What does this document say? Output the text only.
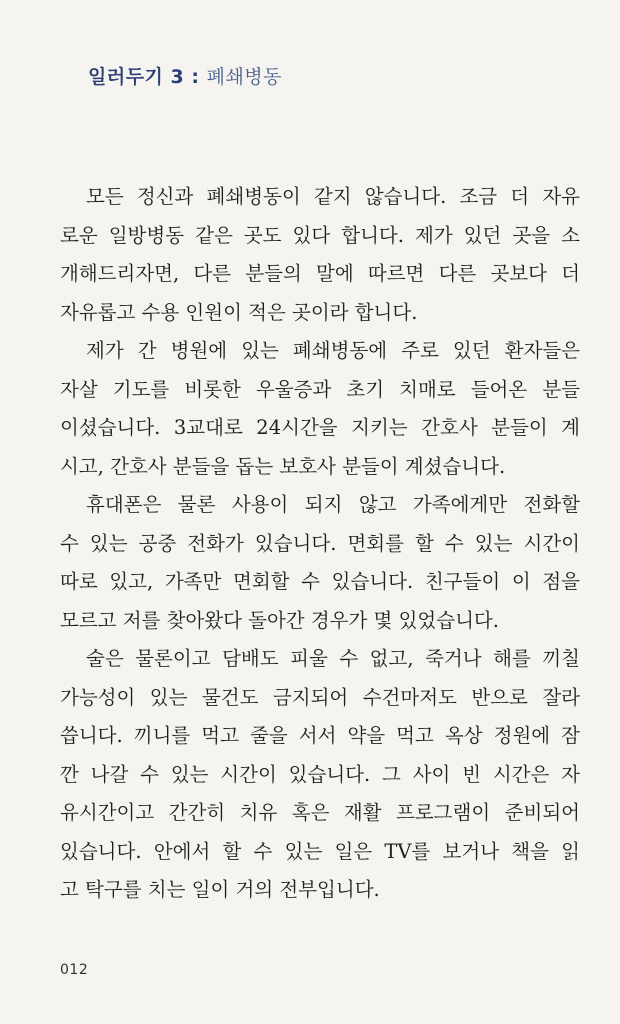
일러두기 3 : 폐쇄병동
모든 정신과 폐쇄병동이 같지 않습니다. 조금 더 자유
로운 일방병동 같은 곳도 있다 합니다. 제가 있던 곳을 소
개해드리자면, 다른 분들의 말에 따르면 다른 곳보다 더
자유롭고 수용 인원이 적은 곳이라 합니다.
제가 간 병원에 있는 폐쇄병동에 주로 있던 환자들은
자살 기도를 비롯한 우울증과 초기 치매로 들어온 분들
이셨습니다. 3교대로 24시간을 지키는 간호사 분들이 계
시고, 간호사 분들을 돕는 보호사 분들이 계셨습니다.
휴대폰은 물론 사용이 되지 않고 가족에게만 전화할
수 있는 공중 전화가 있습니다. 면회를 할 수 있는 시간이
따로 있고, 가족만 면회할 수 있습니다. 친구들이 이 점을
모르고 저를 찾아왔다 돌아간 경우가 몇 있었습니다.
술은 물론이고 담배도 피울 수 없고, 죽거나 해를 끼칠
가능성이 있는 물건도 금지되어 수건마저도 반으로 잘라
씁니다. 끼니를 먹고 줄을 서서 약을 먹고 옥상 정원에 잠
깐 나갈 수 있는 시간이 있습니다. 그 사이 빈 시간은 자
유시간이고 간간히 치유 혹은 재활 프로그램이 준비되어
있습니다. 안에서 할 수 있는 일은 TV를 보거나 책을 읽
고 탁구를 치는 일이 거의 전부입니다.
012
